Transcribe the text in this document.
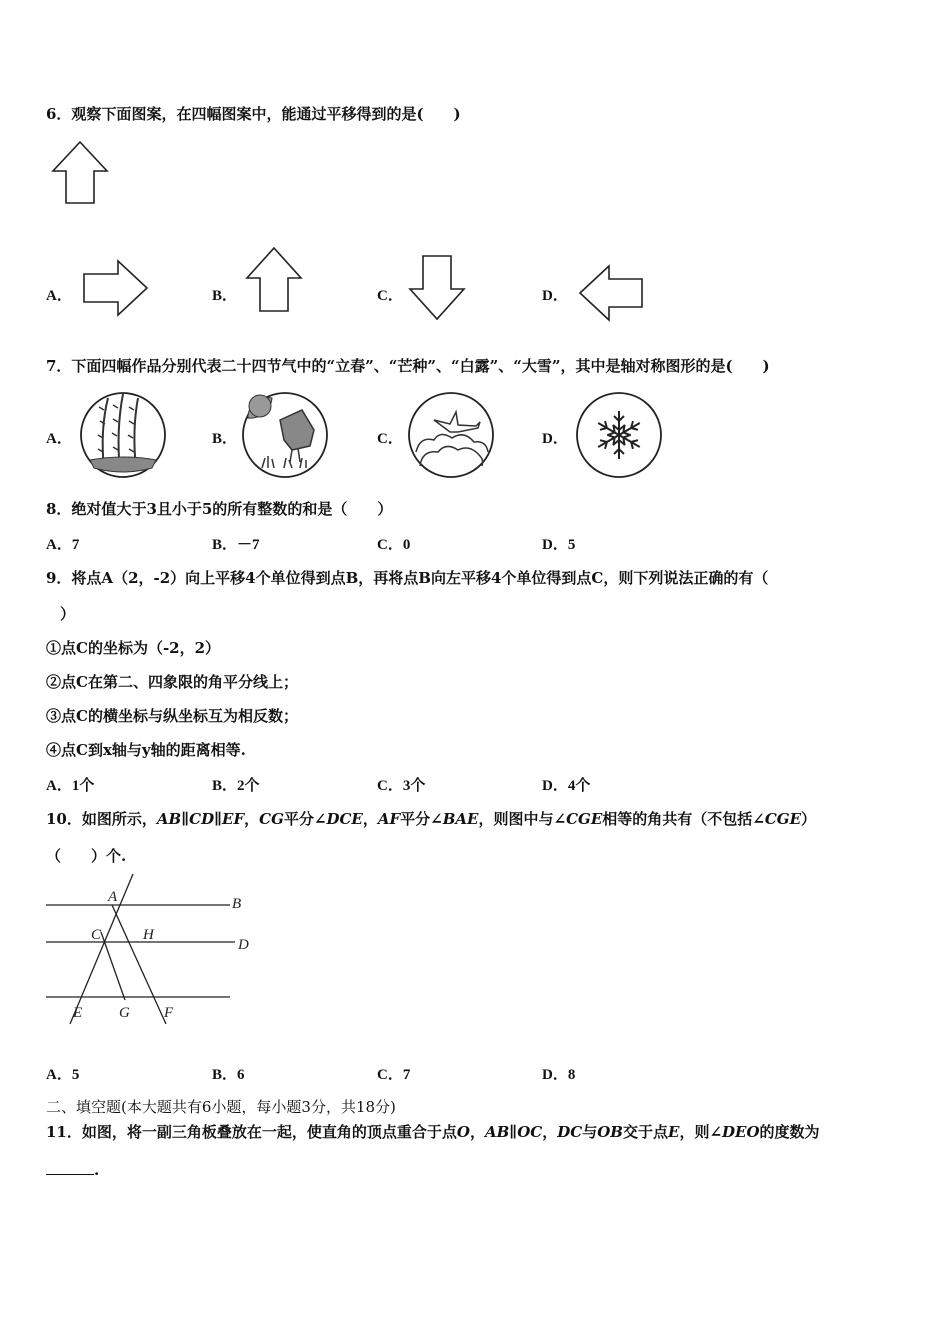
6．观察下面图案，在四幅图案中，能通过平移得到的是(　　)
A．	B．	C．	D．
7．下面四幅作品分别代表二十四节气中的“立春”、“芒种”、“白露”、“大雪”，其中是轴对称图形的是(　　)
A．	B．	C．	D．
8．绝对值大于3且小于5的所有整数的和是（　　）
A．7	B．－7	C．0	D．5
9．将点A（2，-2）向上平移4个单位得到点B，再将点B向左平移4个单位得到点C，则下列说法正确的有（
）
①点C的坐标为（-2，2）
②点C在第二、四象限的角平分线上；
③点C的横坐标与纵坐标互为相反数；
④点C到x轴与y轴的距离相等.
A．1个	B．2个	C．3个	D．4个
10．如图所示，AB∥CD∥EF，CG平分∠DCE，AF平分∠BAE，则图中与∠CGE相等的角共有（不包括∠CGE）
（　　）个.
A	B
C	H
D
E G F
A．5	B．6	C．7	D．8
二、填空题(本大题共有6小题，每小题3分，共18分)
11．如图，将一副三角板叠放在一起，使直角的顶点重合于点O，AB∥OC，DC与OB交于点E，则∠DEO的度数为
.
